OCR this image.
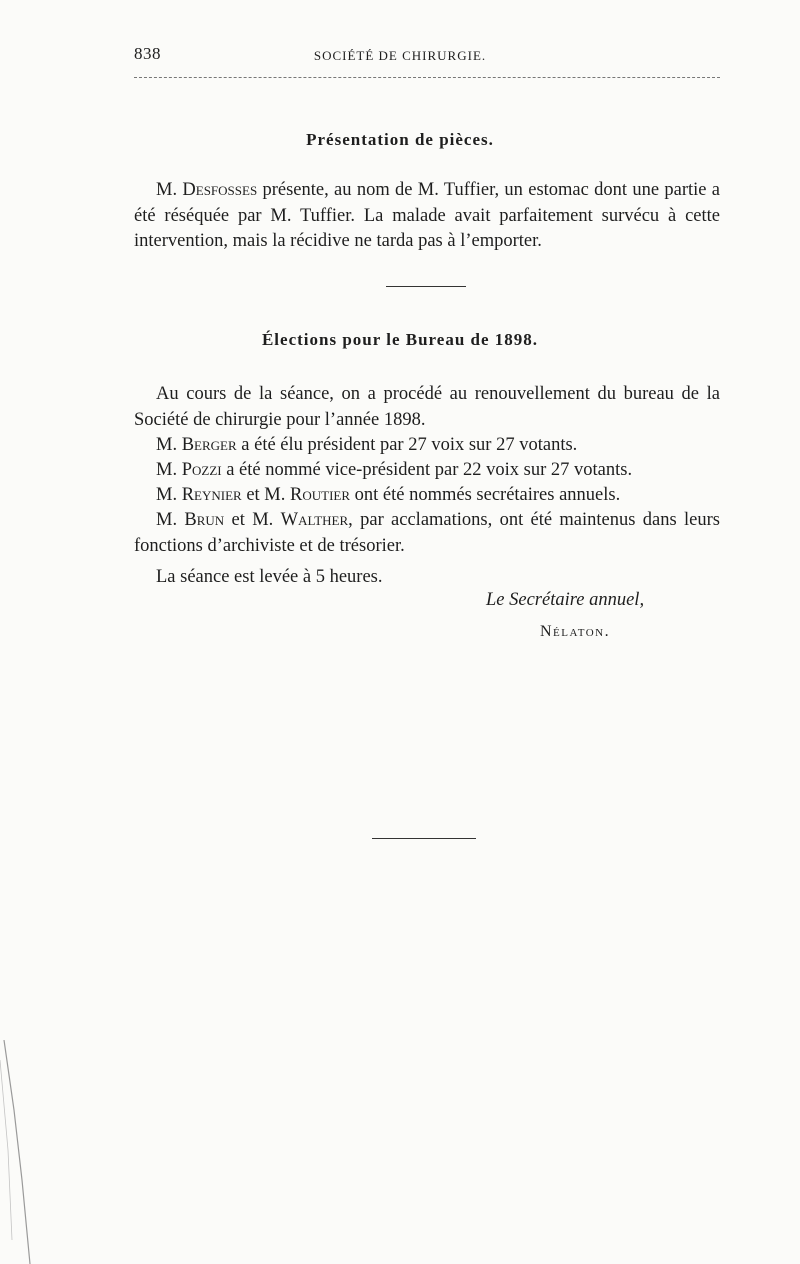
838	SOCIÉTÉ DE CHIRURGIE.
Présentation de pièces.
M. Desfosses présente, au nom de M. Tuffier, un estomac dont une partie a été réséquée par M. Tuffier. La malade avait parfaitement survécu à cette intervention, mais la récidive ne tarda pas à l’emporter.
Élections pour le Bureau de 1898.
Au cours de la séance, on a procédé au renouvellement du bureau de la Société de chirurgie pour l’année 1898.
M. Berger a été élu président par 27 voix sur 27 votants.
M. Pozzi a été nommé vice-président par 22 voix sur 27 votants.
M. Reynier et M. Routier ont été nommés secrétaires annuels.
M. Brun et M. Walther, par acclamations, ont été maintenus dans leurs fonctions d’archiviste et de trésorier.
La séance est levée à 5 heures.
Le Secrétaire annuel,
Nélaton.
